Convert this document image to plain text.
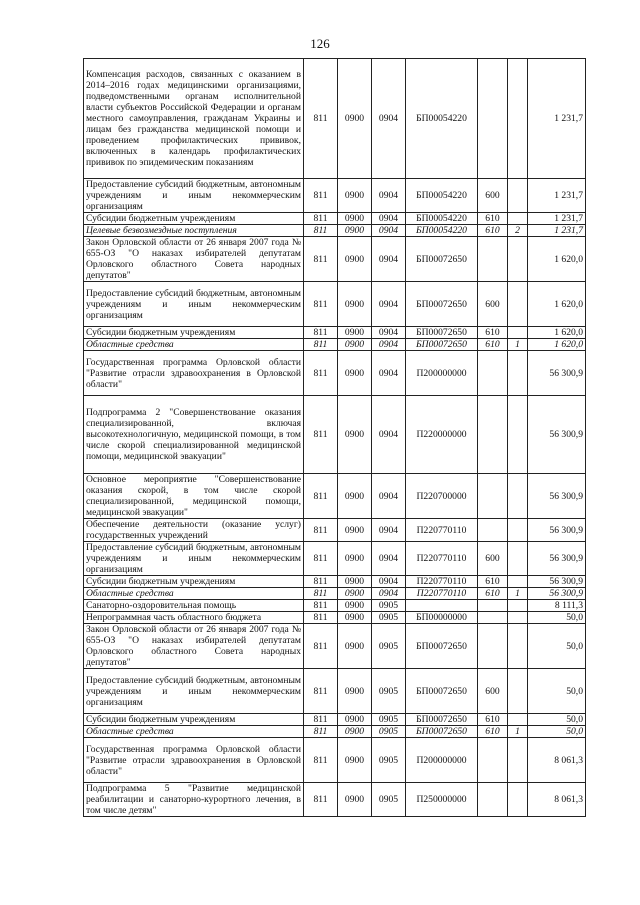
126
Компенсация расходов, связанных с оказанием в 2014–2016 годах медицинскими организациями, подведомственными органам исполнительной власти субъектов Российской Федерации и органам местного самоуправления, гражданам Украины и лицам без гражданства медицинской помощи и проведением профилактических прививок, включенных в календарь профилактических прививок по эпидемическим показаниям	811	0900	0904	БП00054220			1 231,7
Предоставление субсидий бюджетным, автономным учреждениям и иным некоммерческим организациям	811	0900	0904	БП00054220	600		1 231,7
Субсидии бюджетным учреждениям	811	0900	0904	БП00054220	610		1 231,7
Целевые безвозмездные поступления	811	0900	0904	БП00054220	610	2	1 231,7
Закон Орловской области от 26 января 2007 года № 655-ОЗ "О наказах избирателей депутатам Орловского областного Совета народных депутатов"	811	0900	0904	БП00072650			1 620,0
Предоставление субсидий бюджетным, автономным учреждениям и иным некоммерческим организациям	811	0900	0904	БП00072650	600		1 620,0
Субсидии бюджетным учреждениям	811	0900	0904	БП00072650	610		1 620,0
Областные средства	811	0900	0904	БП00072650	610	1	1 620,0
Государственная программа Орловской области "Развитие отрасли здравоохранения в Орловской области"	811	0900	0904	П200000000			56 300,9
Подпрограмма 2 "Совершенствование оказания специализированной, включая высокотехнологичную, медицинской помощи, в том числе скорой специализированной медицинской помощи, медицинской эвакуации"	811	0900	0904	П220000000			56 300,9
Основное мероприятие "Совершенствование оказания скорой, в том числе скорой специализированной, медицинской помощи, медицинской эвакуации"	811	0900	0904	П220700000			56 300,9
Обеспечение деятельности (оказание услуг) государственных учреждений	811	0900	0904	П220770110			56 300,9
Предоставление субсидий бюджетным, автономным учреждениям и иным некоммерческим организациям	811	0900	0904	П220770110	600		56 300,9
Субсидии бюджетным учреждениям	811	0900	0904	П220770110	610		56 300,9
Областные средства	811	0900	0904	П220770110	610	1	56 300,9
Санаторно-оздоровительная помощь	811	0900	0905				8 111,3
Непрограммная часть областного бюджета	811	0900	0905	БП00000000			50,0
Закон Орловской области от 26 января 2007 года № 655-ОЗ "О наказах избирателей депутатам Орловского областного Совета народных депутатов"	811	0900	0905	БП00072650			50,0
Предоставление субсидий бюджетным, автономным учреждениям и иным некоммерческим организациям	811	0900	0905	БП00072650	600		50,0
Субсидии бюджетным учреждениям	811	0900	0905	БП00072650	610		50,0
Областные средства	811	0900	0905	БП00072650	610	1	50,0
Государственная программа Орловской области "Развитие отрасли здравоохранения в Орловской области"	811	0900	0905	П200000000			8 061,3
Подпрограмма 5 "Развитие медицинской реабилитации и санаторно-курортного лечения, в том числе детям"	811	0900	0905	П250000000			8 061,3
